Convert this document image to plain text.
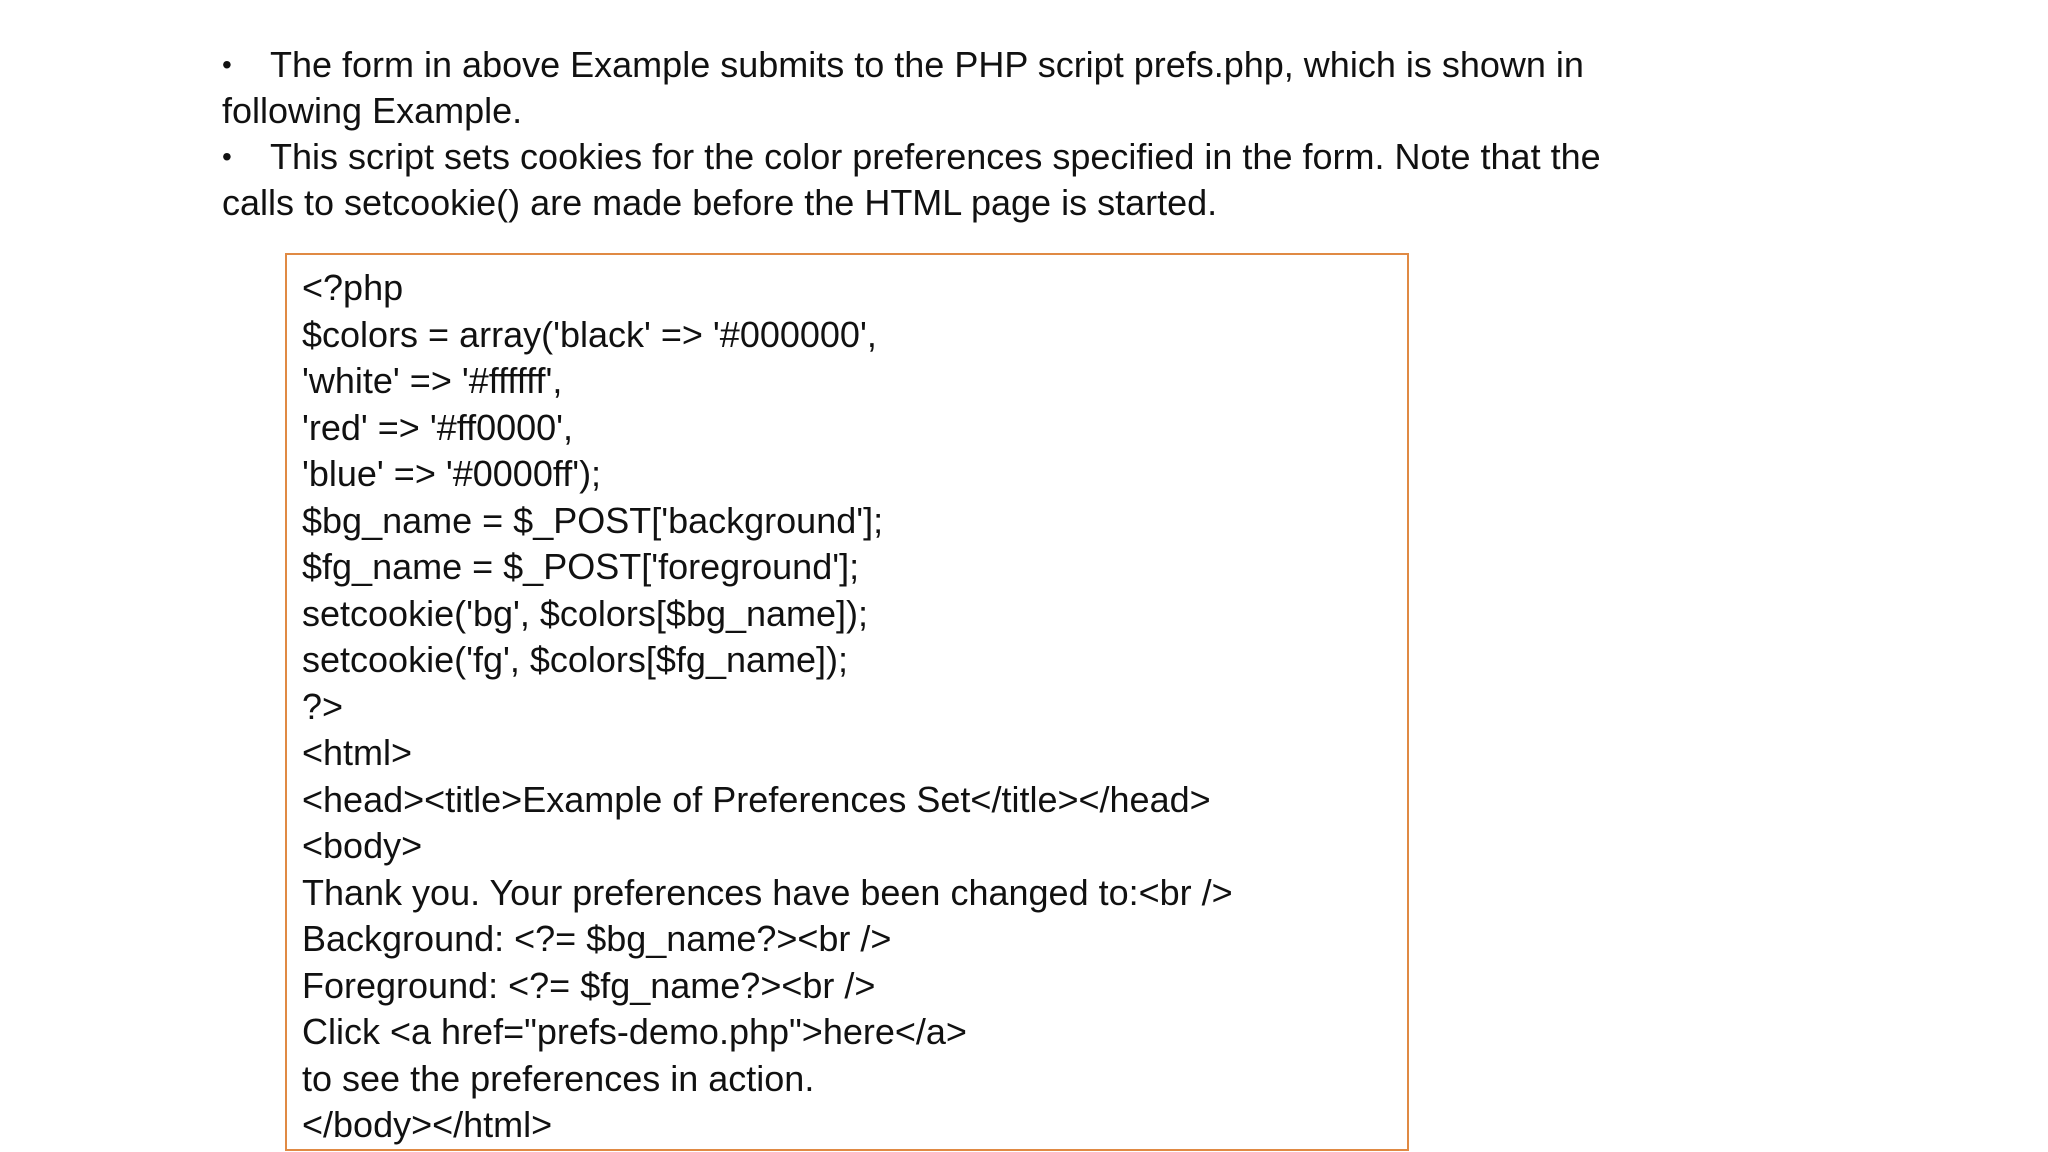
• The form in above Example submits to the PHP script prefs.php, which is shown in
following Example.

• This script sets cookies for the color preferences specified in the form. Note that the
calls to setcookie() are made before the HTML page is started.

<?php
$colors = array('black' => '#000000',
'white' => '#ffffff',
'red' => '#ff0000',
'blue' => '#0000ff');
$bg_name = $_POST['background'];
$fg_name = $_POST['foreground'];
setcookie('bg', $colors[$bg_name]);
setcookie('fg', $colors[$fg_name]);
?>
<html>
<head><title>Example of Preferences Set</title></head>
<body>
Thank you. Your preferences have been changed to:<br />
Background: <?= $bg_name?><br />
Foreground: <?= $fg_name?><br />
Click <a href="prefs-demo.php">here</a>
to see the preferences in action.
</body></html>
